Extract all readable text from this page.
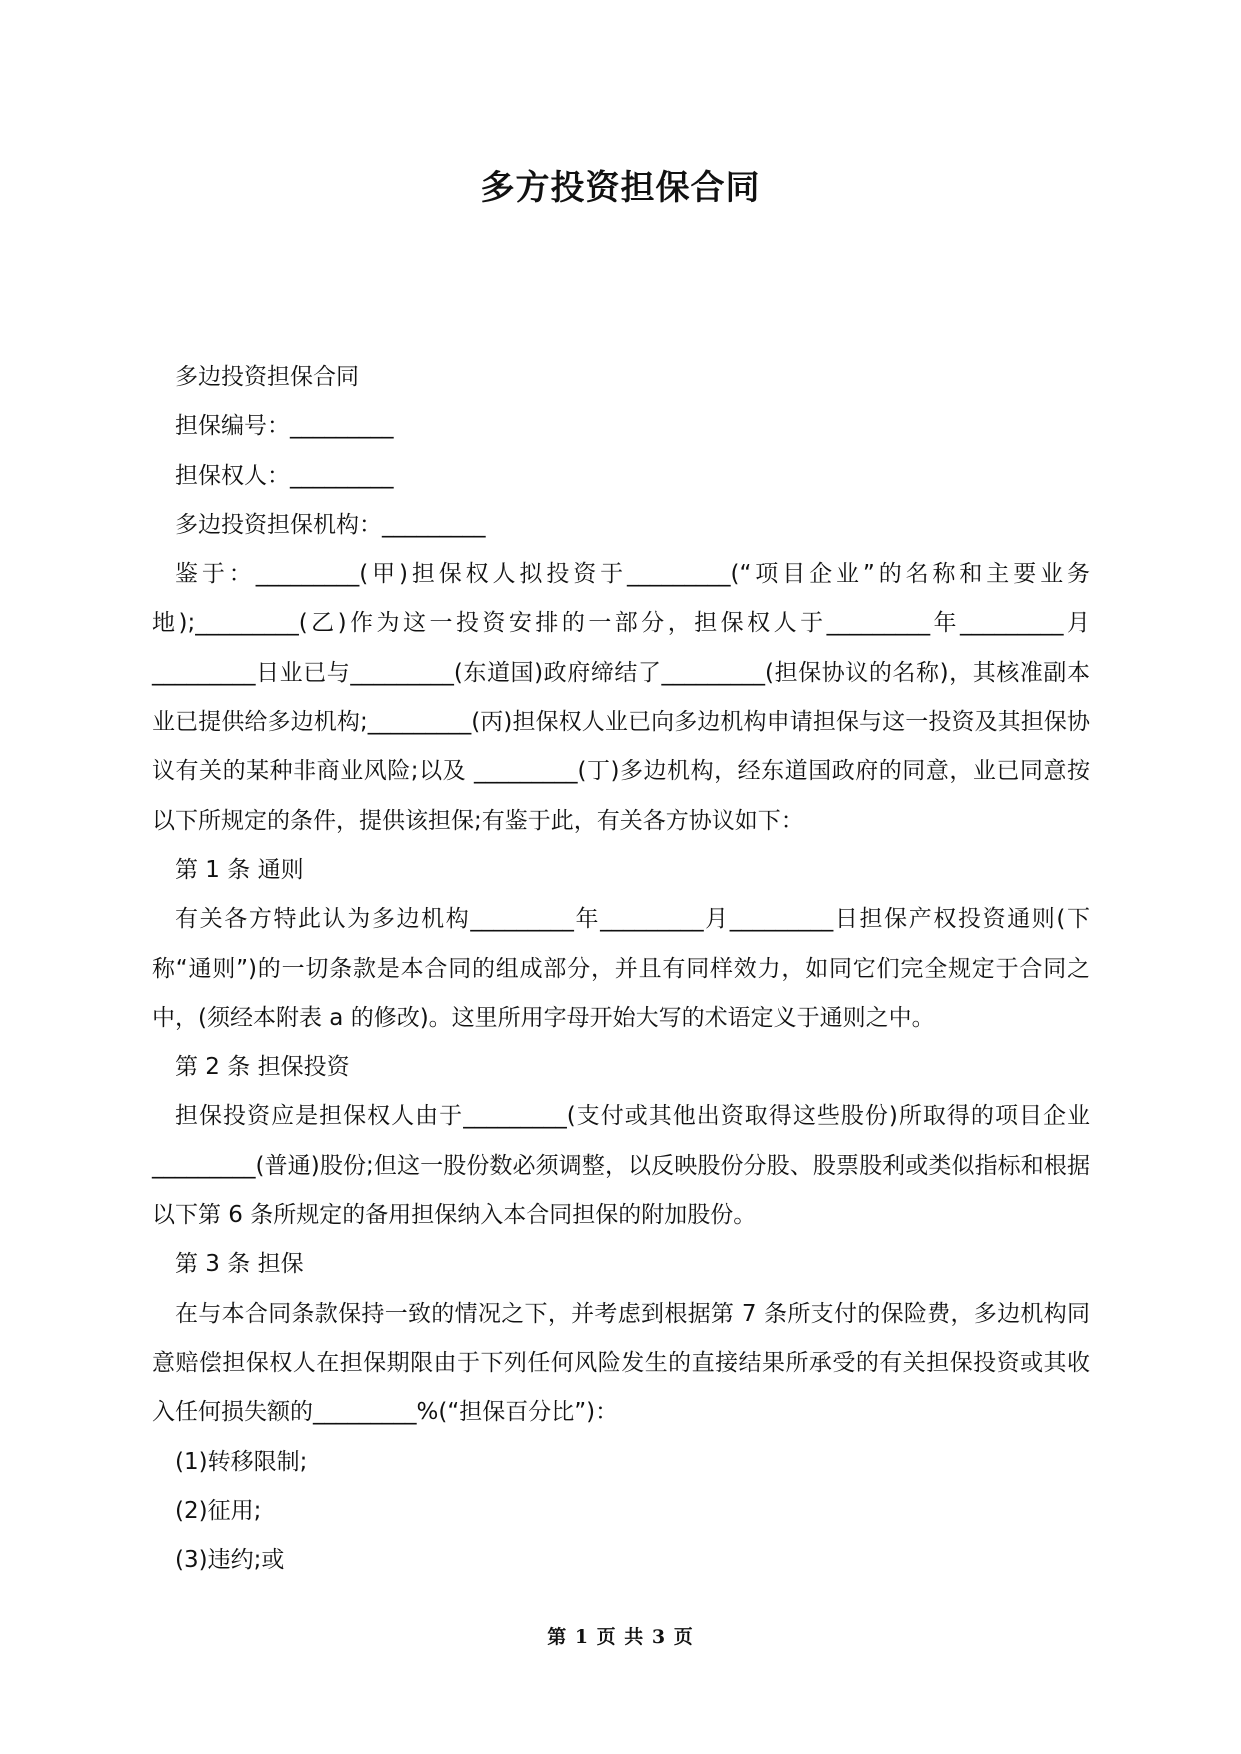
多方投资担保合同

多边投资担保合同

担保编号：_________

担保权人：_________

多边投资担保机构：_________

鉴于：_________(甲)担保权人拟投资于_________(“项目企业”的名称和主要业务地);_________(乙)作为这一投资安排的一部分，担保权人于_________年_________月_________日业已与_________(东道国)政府缔结了_________(担保协议的名称)，其核准副本业已提供给多边机构;_________(丙)担保权人业已向多边机构申请担保与这一投资及其担保协议有关的某种非商业风险;以及 _________(丁)多边机构，经东道国政府的同意，业已同意按以下所规定的条件，提供该担保;有鉴于此，有关各方协议如下：

第 1 条 通则

有关各方特此认为多边机构_________年_________月_________日担保产权投资通则(下称“通则”)的一切条款是本合同的组成部分，并且有同样效力，如同它们完全规定于合同之中，(须经本附表 a 的修改)。这里所用字母开始大写的术语定义于通则之中。

第 2 条 担保投资

担保投资应是担保权人由于_________(支付或其他出资取得这些股份)所取得的项目企业_________(普通)股份;但这一股份数必须调整，以反映股份分股、股票股利或类似指标和根据以下第 6 条所规定的备用担保纳入本合同担保的附加股份。

第 3 条 担保

在与本合同条款保持一致的情况之下，并考虑到根据第 7 条所支付的保险费，多边机构同意赔偿担保权人在担保期限由于下列任何风险发生的直接结果所承受的有关担保投资或其收入任何损失额的_________%(“担保百分比”)：

(1)转移限制;

(2)征用;

(3)违约;或

第 1 页 共 3 页
